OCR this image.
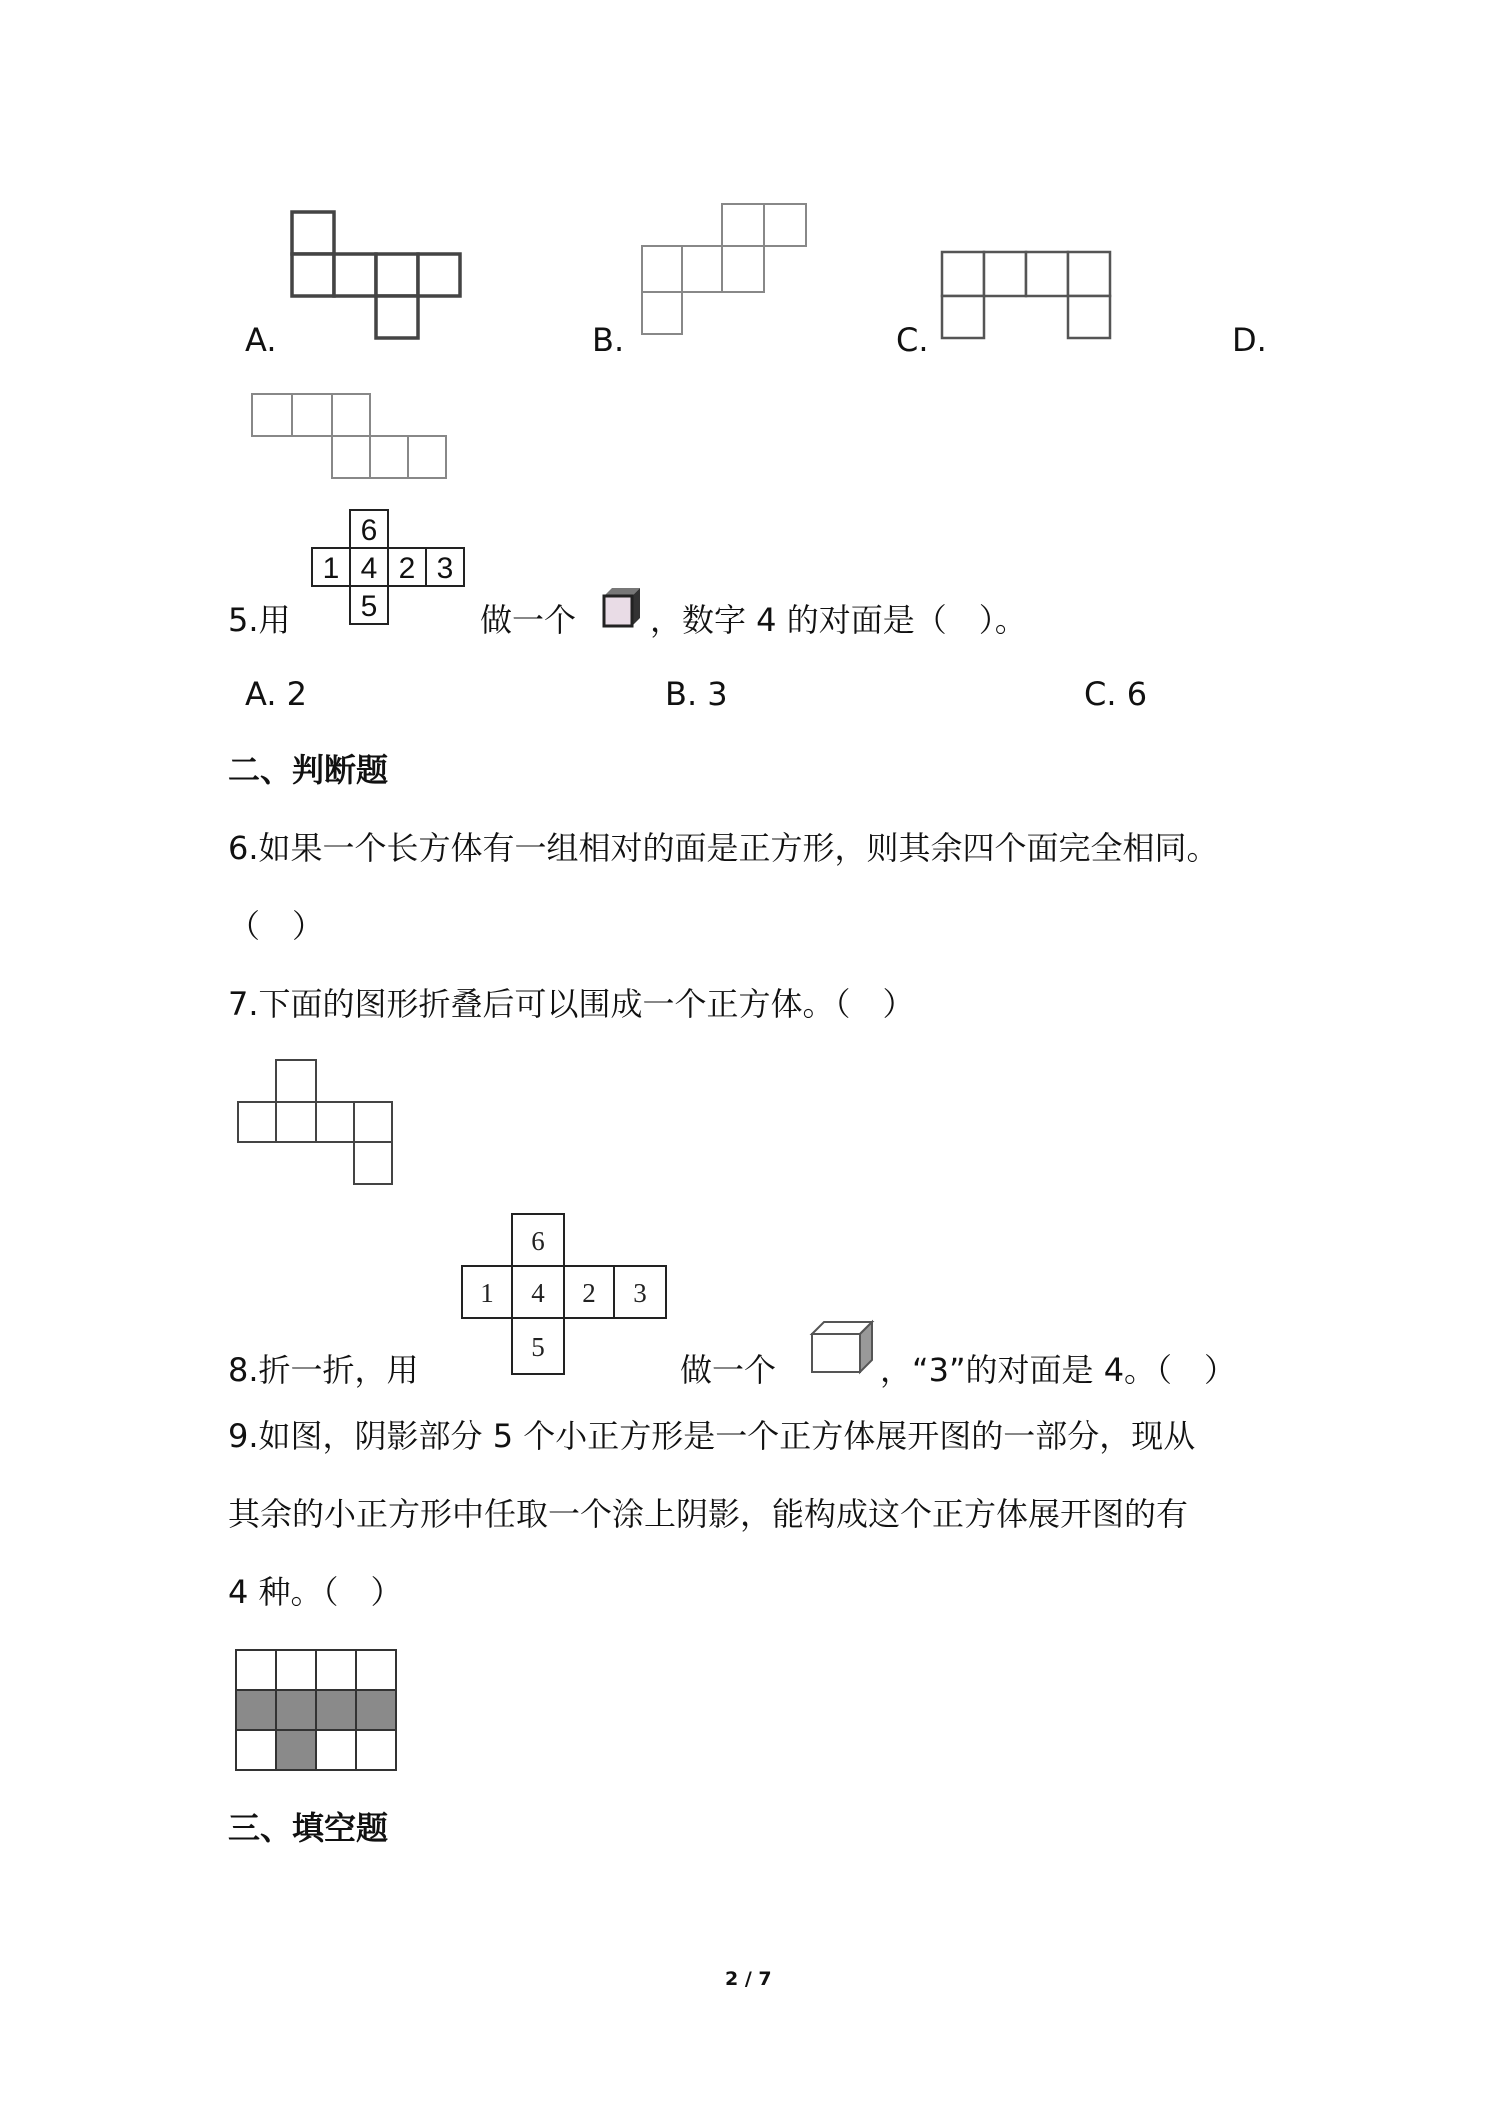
A.	B.	C.	D.
6
1 4 2 3
5
5.用	做一个 ，数字 4 的对面是（　）。
A. 2	B. 3	C. 6
二、判断题
6.如果一个长方体有一组相对的面是正方形，则其余四个面完全相同。
（　）
7.下面的图形折叠后可以围成一个正方体。（　）
6
1 4 2 3
5
8.折一折，用	做一个	，“3”的对面是 4。（　）
9.如图，阴影部分 5 个小正方形是一个正方体展开图的一部分，现从
其余的小正方形中任取一个涂上阴影，能构成这个正方体展开图的有
4 种。（　）
三、填空题
2 / 7
